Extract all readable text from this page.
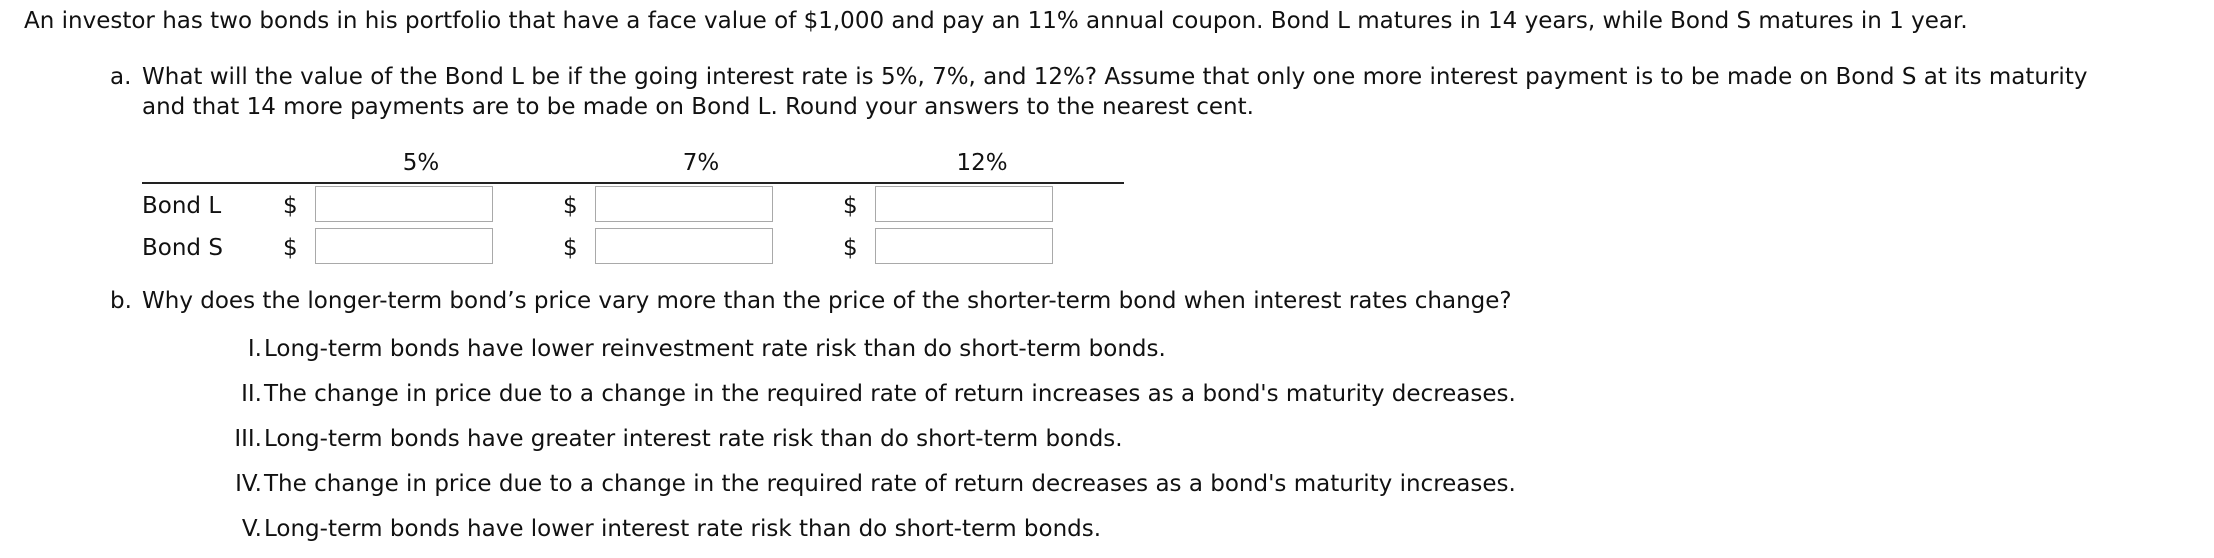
An investor has two bonds in his portfolio that have a face value of $1,000 and pay an 11% annual coupon. Bond L matures in 14 years, while Bond S matures in 1 year.
a. What will the value of the Bond L be if the going interest rate is 5%, 7%, and 12%? Assume that only one more interest payment is to be made on Bond S at its maturity
and that 14 more payments are to be made on Bond L. Round your answers to the nearest cent.
5%	7%	12%
Bond L	$	$	$
Bond S	$	$	$
b. Why does the longer-term bond’s price vary more than the price of the shorter-term bond when interest rates change?
I. Long-term bonds have lower reinvestment rate risk than do short-term bonds.
II. The change in price due to a change in the required rate of return increases as a bond's maturity decreases.
III. Long-term bonds have greater interest rate risk than do short-term bonds.
IV. The change in price due to a change in the required rate of return decreases as a bond's maturity increases.
V. Long-term bonds have lower interest rate risk than do short-term bonds.
